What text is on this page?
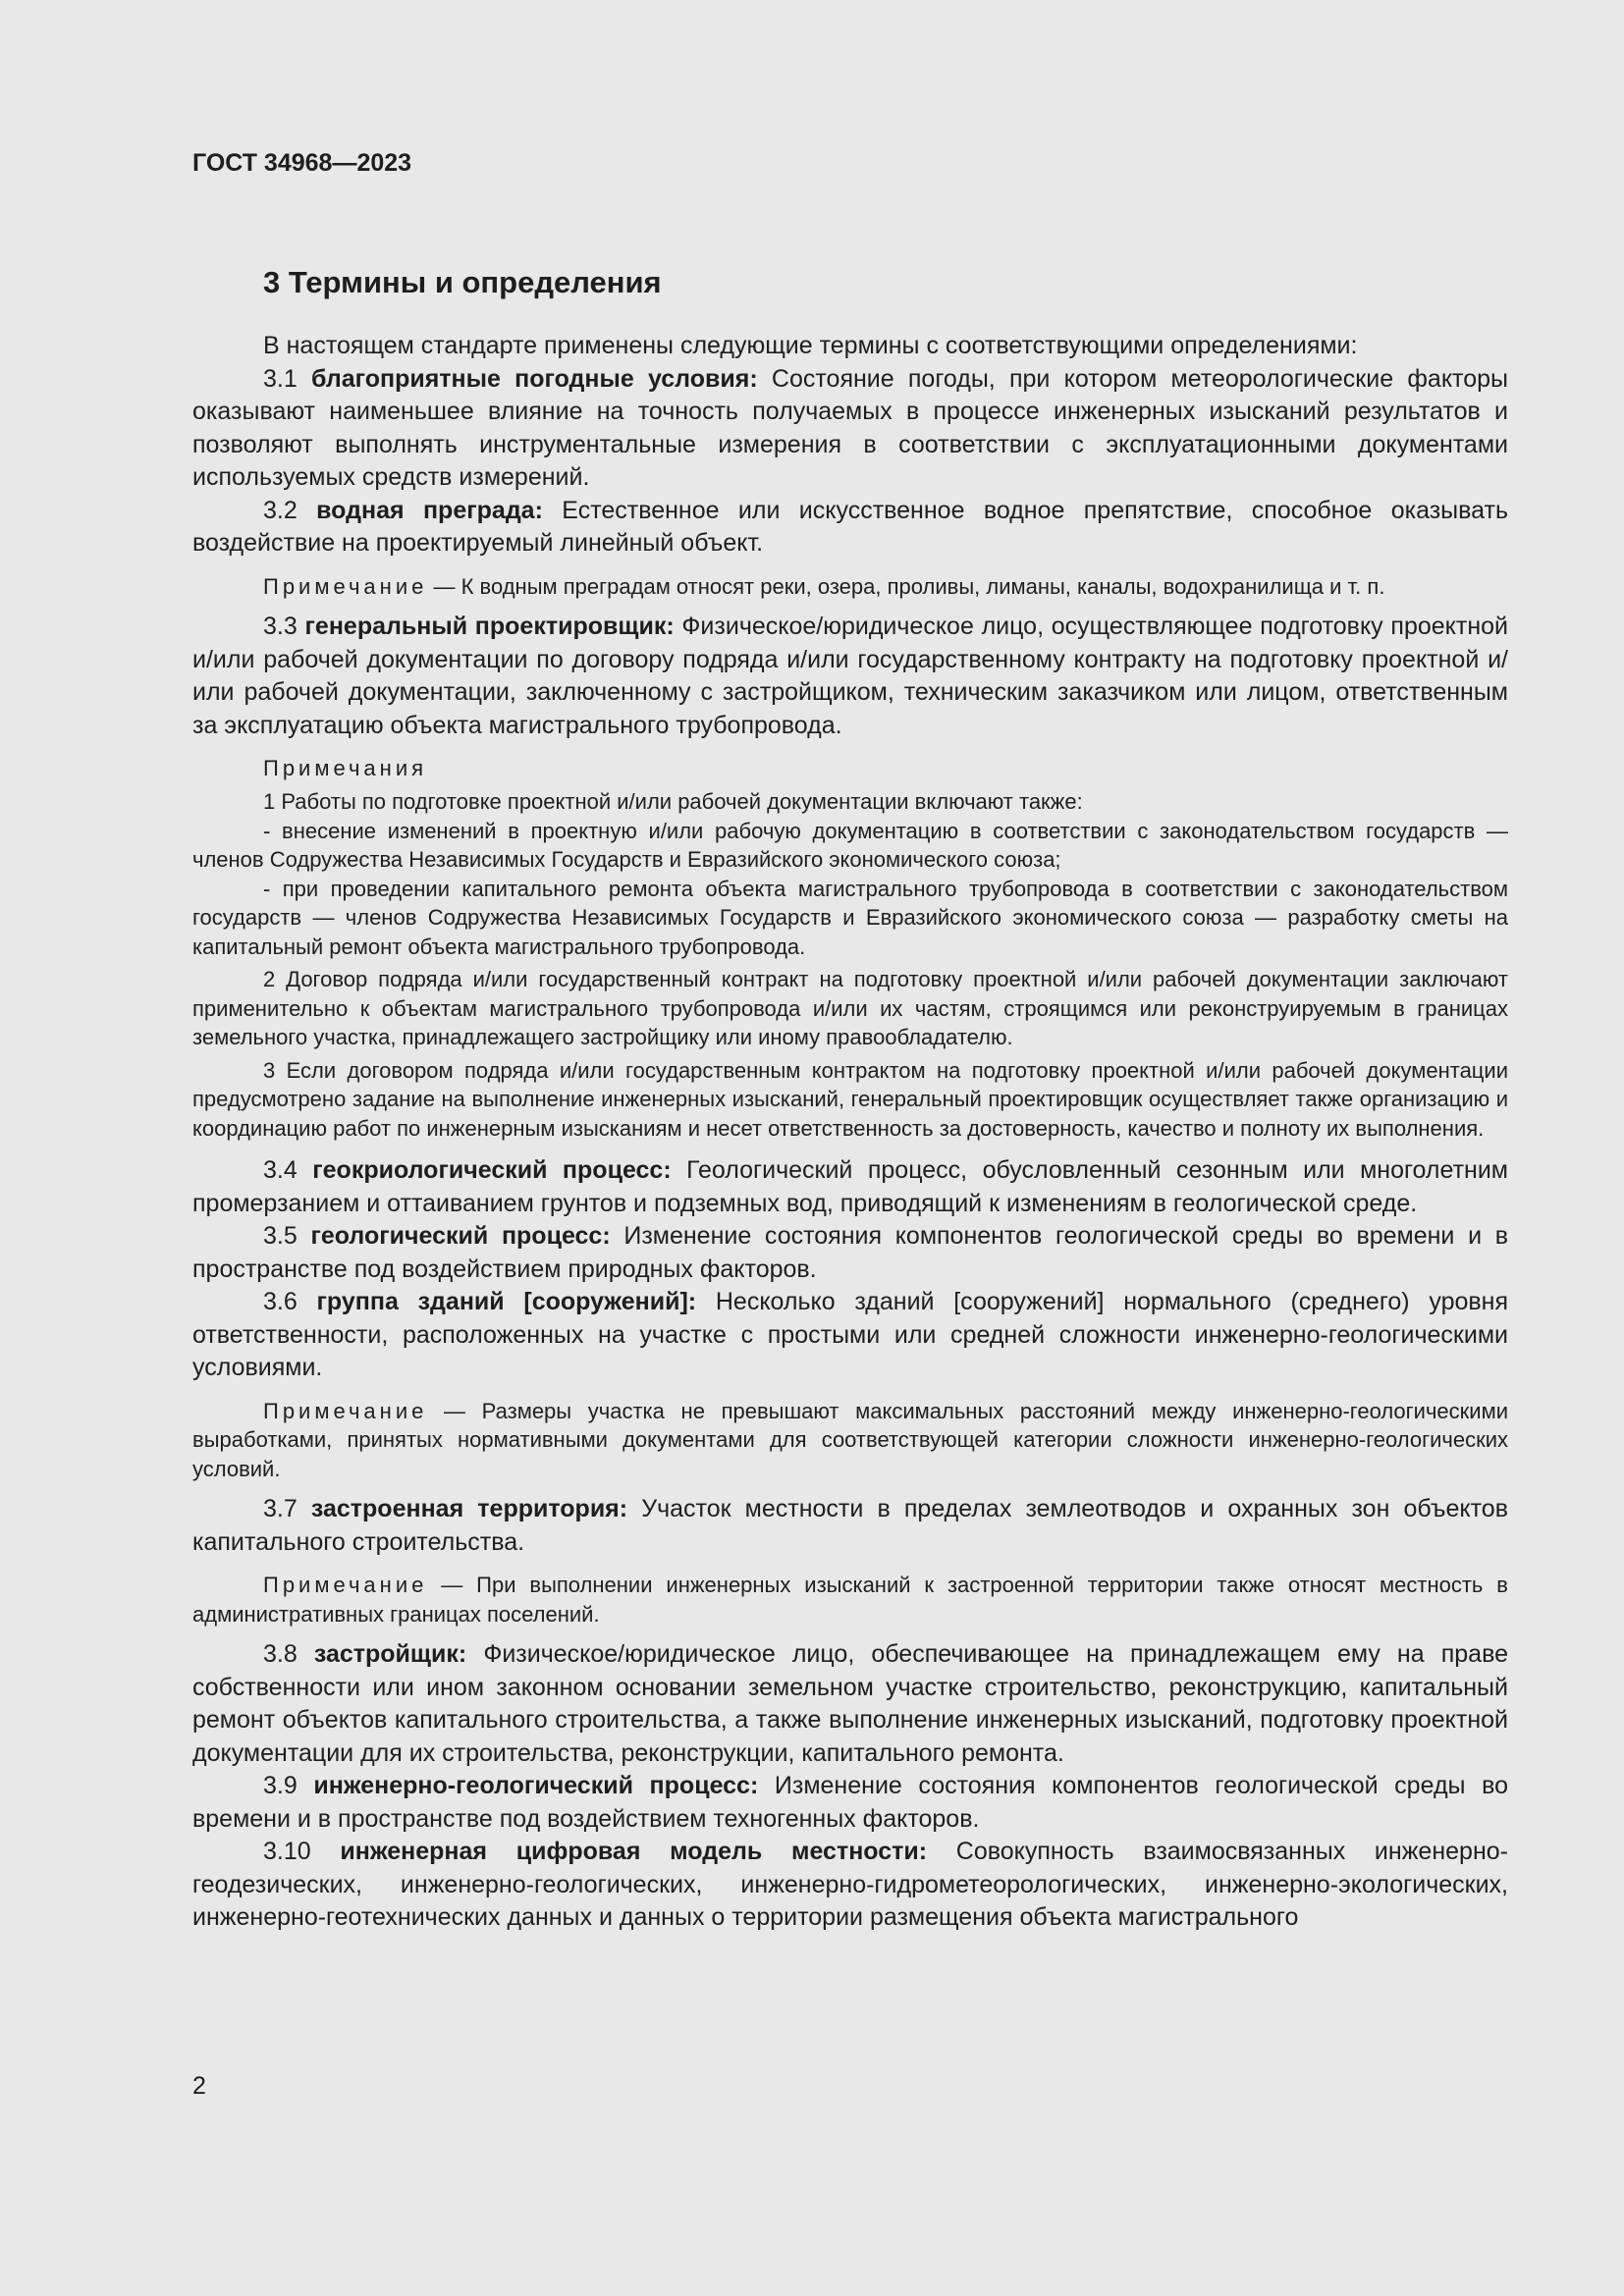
ГОСТ 34968—2023

3 Термины и определения

В настоящем стандарте применены следующие термины с соответствующими определениями:

3.1 благоприятные погодные условия: Состояние погоды, при котором метеорологические факторы оказывают наименьшее влияние на точность получаемых в процессе инженерных изысканий результатов и позволяют выполнять инструментальные измерения в соответствии с эксплуатационными документами используемых средств измерений.

3.2 водная преграда: Естественное или искусственное водное препятствие, способное оказывать воздействие на проектируемый линейный объект.

Примечание — К водным преградам относят реки, озера, проливы, лиманы, каналы, водохранилища и т. п.

3.3 генеральный проектировщик: Физическое/юридическое лицо, осуществляющее подготовку проектной и/или рабочей документации по договору подряда и/или государственному контракту на подготовку проектной и/или рабочей документации, заключенному с застройщиком, техническим заказчиком или лицом, ответственным за эксплуатацию объекта магистрального трубопровода.

Примечания

1 Работы по подготовке проектной и/или рабочей документации включают также:

- внесение изменений в проектную и/или рабочую документацию в соответствии с законодательством государств — членов Содружества Независимых Государств и Евразийского экономического союза;

- при проведении капитального ремонта объекта магистрального трубопровода в соответствии с законодательством государств — членов Содружества Независимых Государств и Евразийского экономического союза — разработку сметы на капитальный ремонт объекта магистрального трубопровода.

2 Договор подряда и/или государственный контракт на подготовку проектной и/или рабочей документации заключают применительно к объектам магистрального трубопровода и/или их частям, строящимся или реконструируемым в границах земельного участка, принадлежащего застройщику или иному правообладателю.

3 Если договором подряда и/или государственным контрактом на подготовку проектной и/или рабочей документации предусмотрено задание на выполнение инженерных изысканий, генеральный проектировщик осуществляет также организацию и координацию работ по инженерным изысканиям и несет ответственность за достоверность, качество и полноту их выполнения.

3.4 геокриологический процесс: Геологический процесс, обусловленный сезонным или многолетним промерзанием и оттаиванием грунтов и подземных вод, приводящий к изменениям в геологической среде.

3.5 геологический процесс: Изменение состояния компонентов геологической среды во времени и в пространстве под воздействием природных факторов.

3.6 группа зданий [сооружений]: Несколько зданий [сооружений] нормального (среднего) уровня ответственности, расположенных на участке с простыми или средней сложности инженерно-геологическими условиями.

Примечание — Размеры участка не превышают максимальных расстояний между инженерно-геологическими выработками, принятых нормативными документами для соответствующей категории сложности инженерно-геологических условий.

3.7 застроенная территория: Участок местности в пределах землеотводов и охранных зон объектов капитального строительства.

Примечание — При выполнении инженерных изысканий к застроенной территории также относят местность в административных границах поселений.

3.8 застройщик: Физическое/юридическое лицо, обеспечивающее на принадлежащем ему на праве собственности или ином законном основании земельном участке строительство, реконструкцию, капитальный ремонт объектов капитального строительства, а также выполнение инженерных изысканий, подготовку проектной документации для их строительства, реконструкции, капитального ремонта.

3.9 инженерно-геологический процесс: Изменение состояния компонентов геологической среды во времени и в пространстве под воздействием техногенных факторов.

3.10 инженерная цифровая модель местности: Совокупность взаимосвязанных инженерно-геодезических, инженерно-геологических, инженерно-гидрометеорологических, инженерно-экологических, инженерно-геотехнических данных и данных о территории размещения объекта магистрального

2
